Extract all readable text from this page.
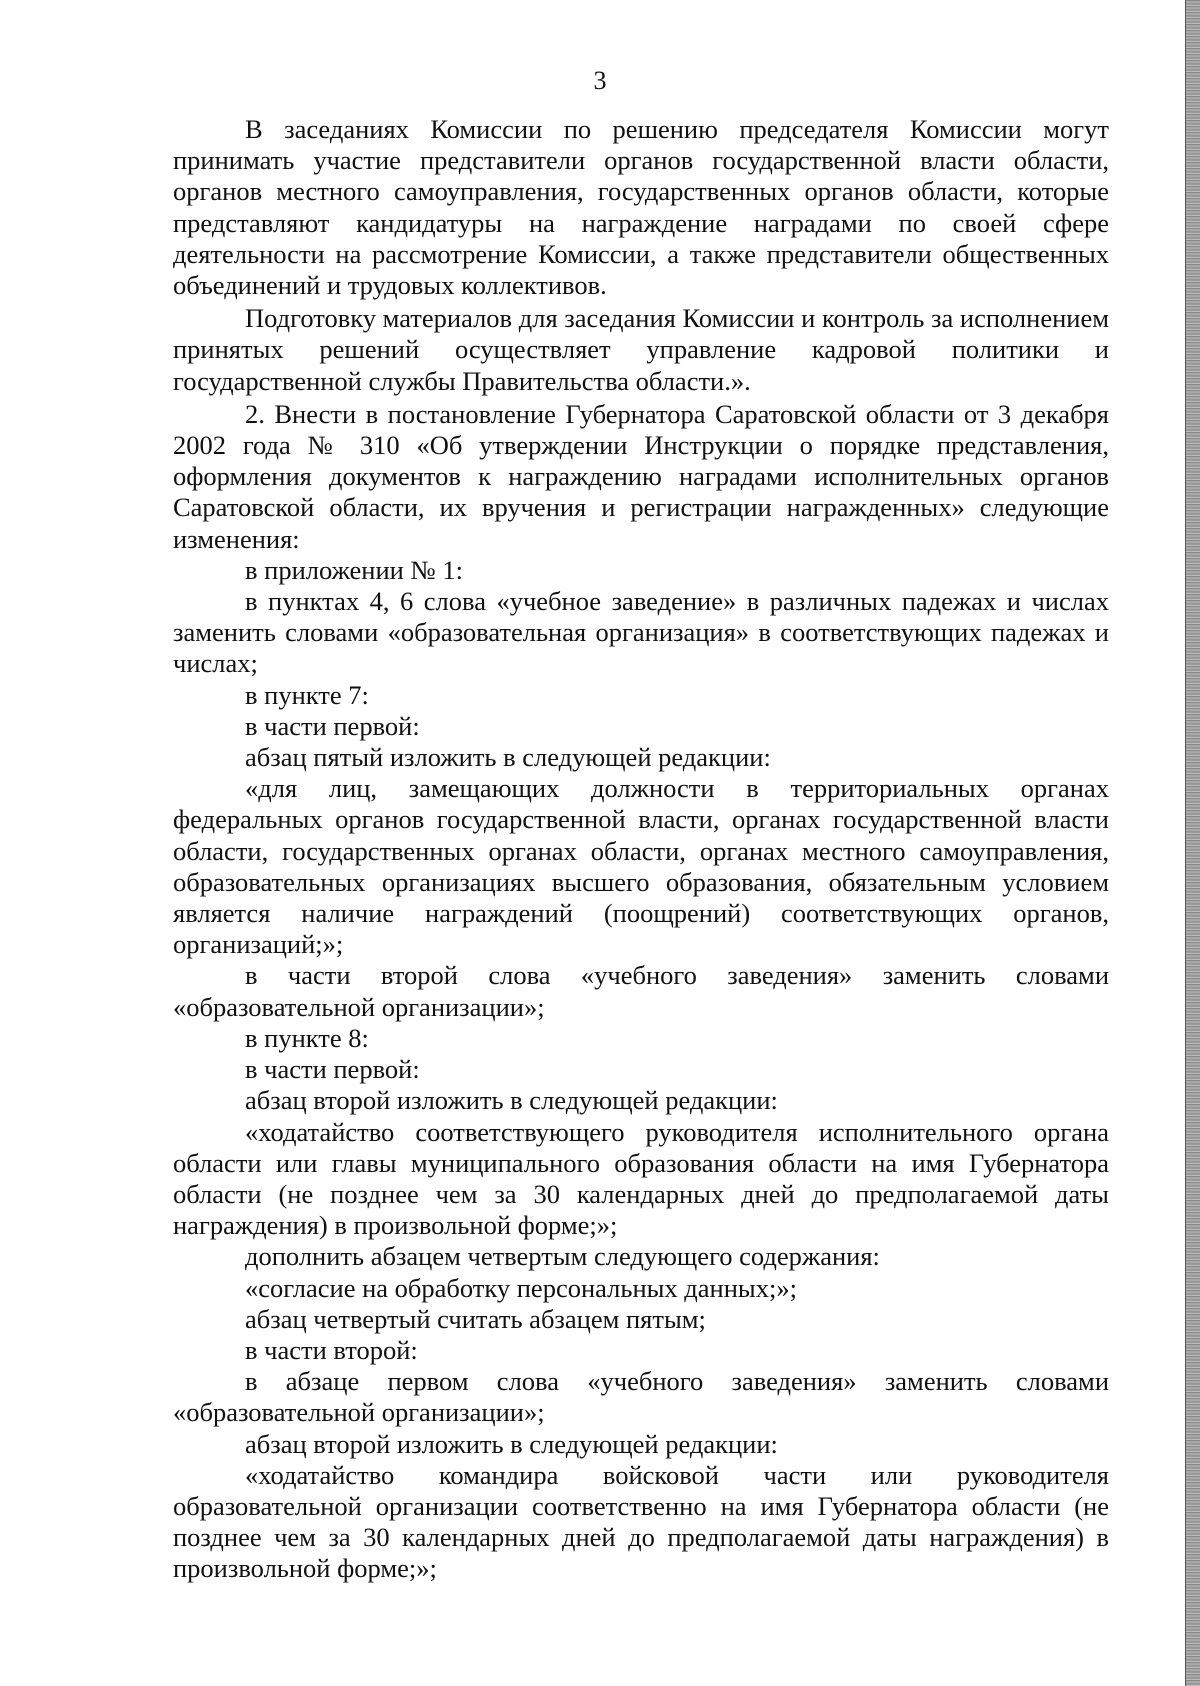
3

В заседаниях Комиссии по решению председателя Комиссии могут принимать участие представители органов государственной власти области, органов местного самоуправления, государственных органов области, которые представляют кандидатуры на награждение наградами по своей сфере деятельности на рассмотрение Комиссии, а также представители общественных объединений и трудовых коллективов.

Подготовку материалов для заседания Комиссии и контроль за исполнением принятых решений осуществляет управление кадровой политики и государственной службы Правительства области.».

2. Внести в постановление Губернатора Саратовской области от 3 декабря 2002 года № 310 «Об утверждении Инструкции о порядке представления, оформления документов к награждению наградами исполнительных органов Саратовской области, их вручения и регистрации награжденных» следующие изменения:

в приложении № 1:

в пунктах 4, 6 слова «учебное заведение» в различных падежах и числах заменить словами «образовательная организация» в соответствующих падежах и числах;

в пункте 7:

в части первой:

абзац пятый изложить в следующей редакции:

«для лиц, замещающих должности в территориальных органах федеральных органов государственной власти, органах государственной власти области, государственных органах области, органах местного самоуправления, образовательных организациях высшего образования, обязательным условием является наличие награждений (поощрений) соответствующих органов, организаций;»;

в части второй слова «учебного заведения» заменить словами «образовательной организации»;

в пункте 8:

в части первой:

абзац второй изложить в следующей редакции:

«ходатайство соответствующего руководителя исполнительного органа области или главы муниципального образования области на имя Губернатора области (не позднее чем за 30 календарных дней до предполагаемой даты награждения) в произвольной форме;»;

дополнить абзацем четвертым следующего содержания:

«согласие на обработку персональных данных;»;

абзац четвертый считать абзацем пятым;

в части второй:

в абзаце первом слова «учебного заведения» заменить словами «образовательной организации»;

абзац второй изложить в следующей редакции:

«ходатайство командира войсковой части или руководителя образовательной организации соответственно на имя Губернатора области (не позднее чем за 30 календарных дней до предполагаемой даты награждения) в произвольной форме;»;
